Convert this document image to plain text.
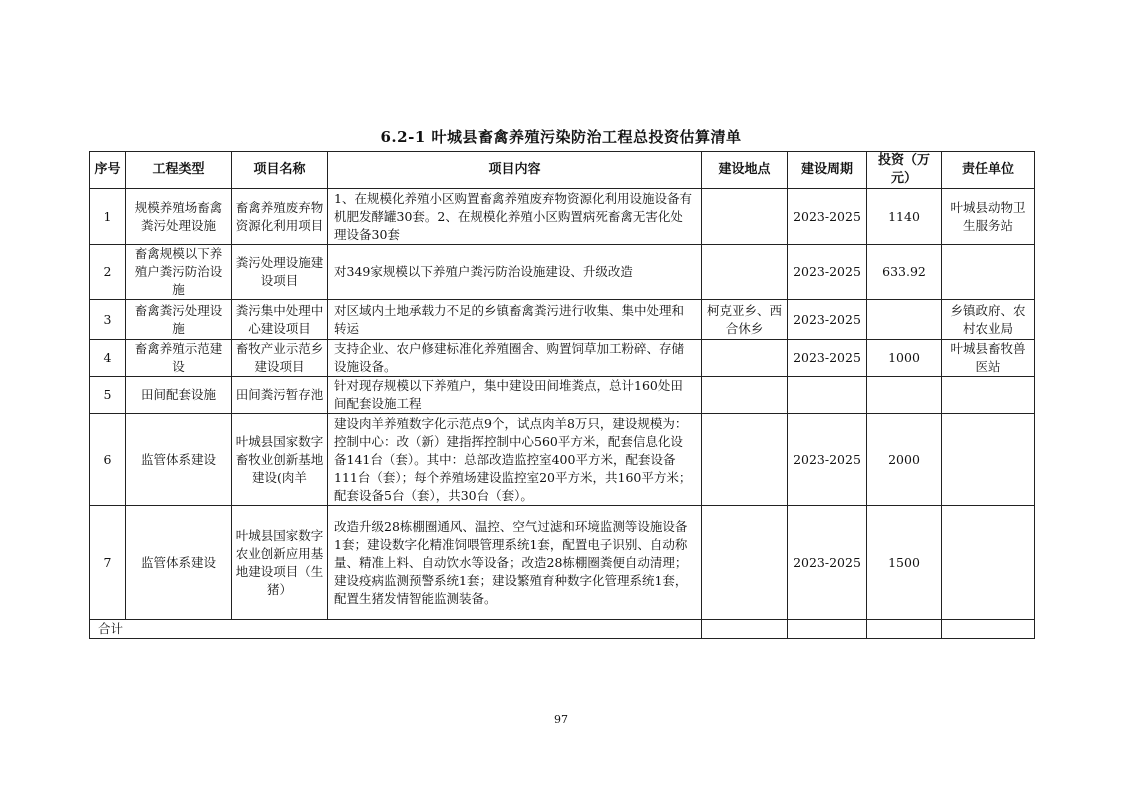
6.2-1 叶城县畜禽养殖污染防治工程总投资估算清单
序号	工程类型	项目名称	项目内容	建设地点	建设周期	投资（万元）	责任单位
1	规模养殖场畜禽粪污处理设施	畜禽养殖废弃物资源化利用项目	1、在规模化养殖小区购置畜禽养殖废弃物资源化利用设施设备有机肥发酵罐30套。2、在规模化养殖小区购置病死畜禽无害化处理设备30套		2023-2025	1140	叶城县动物卫生服务站
2	畜禽规模以下养殖户粪污防治设施	粪污处理设施建设项目	对349家规模以下养殖户粪污防治设施建设、升级改造		2023-2025	633.92	
3	畜禽粪污处理设施	粪污集中处理中心建设项目	对区域内土地承载力不足的乡镇畜禽粪污进行收集、集中处理和转运	柯克亚乡、西合休乡	2023-2025		乡镇政府、农村农业局
4	畜禽养殖示范建设	畜牧产业示范乡建设项目	支持企业、农户修建标准化养殖圈舍、购置饲草加工粉碎、存储设施设备。		2023-2025	1000	叶城县畜牧兽医站
5	田间配套设施	田间粪污暂存池	针对现存规模以下养殖户，集中建设田间堆粪点，总计160处田间配套设施工程				
6	监管体系建设	叶城县国家数字畜牧业创新基地建设(肉羊	建设肉羊养殖数字化示范点9个，试点肉羊8万只，建设规模为：控制中心：改（新）建指挥控制中心560平方米，配套信息化设备141台（套）。其中：总部改造监控室400平方米，配套设备111台（套）；每个养殖场建设监控室20平方米，共160平方米；配套设备5台（套），共30台（套）。		2023-2025	2000	
7	监管体系建设	叶城县国家数字农业创新应用基地建设项目（生猪）	改造升级28栋棚圈通风、温控、空气过滤和环境监测等设施设备1套；建设数字化精准饲喂管理系统1套，配置电子识别、自动称量、精准上料、自动饮水等设备；改造28栋棚圈粪便自动清理；建设疫病监测预警系统1套；建设繁殖育种数字化管理系统1套，配置生猪发情智能监测装备。		2023-2025	1500	
合计							
97
